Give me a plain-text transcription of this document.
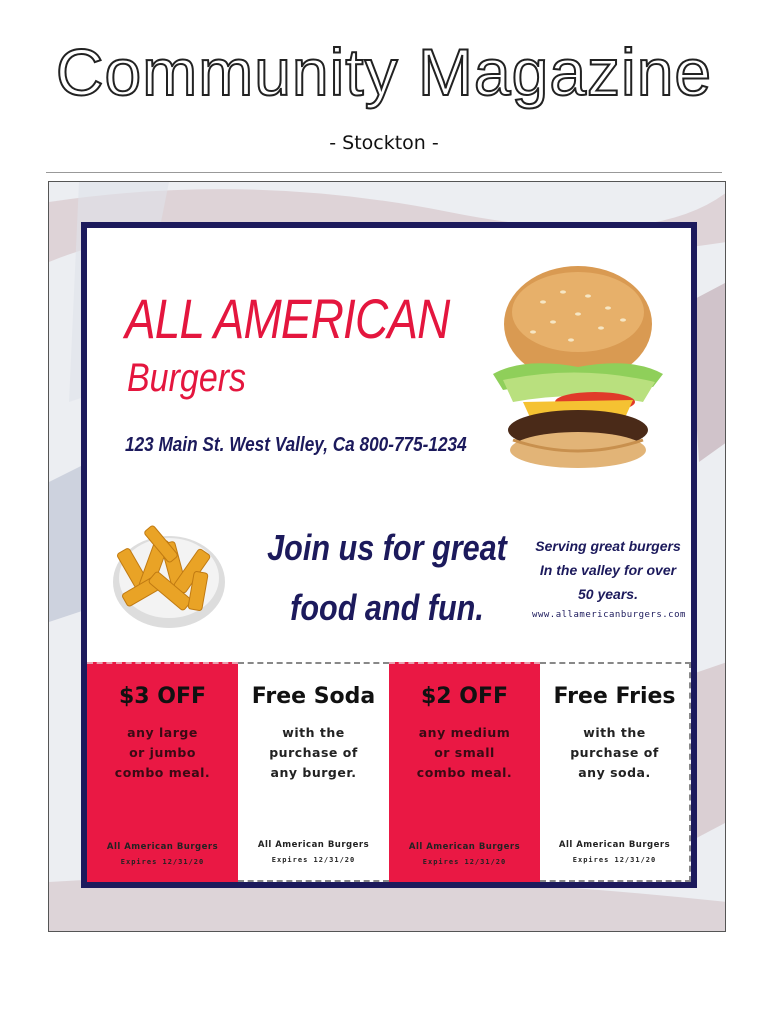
Community Magazine
- Stockton -
ALL AMERICAN
Burgers
123 Main St. West Valley, Ca 800-775-1234
Join us for great
food and fun.
Serving great burgers
In the valley for over
50 years.
www.allamericanburgers.com
$3 OFF
any large
or jumbo
combo meal.
All American Burgers
Expires 12/31/20
Free Soda
with the
purchase of
any burger.
All American Burgers
Expires 12/31/20
$2 OFF
any medium
or small
combo meal.
All American Burgers
Expires 12/31/20
Free Fries
with the
purchase of
any soda.
All American Burgers
Expires 12/31/20
